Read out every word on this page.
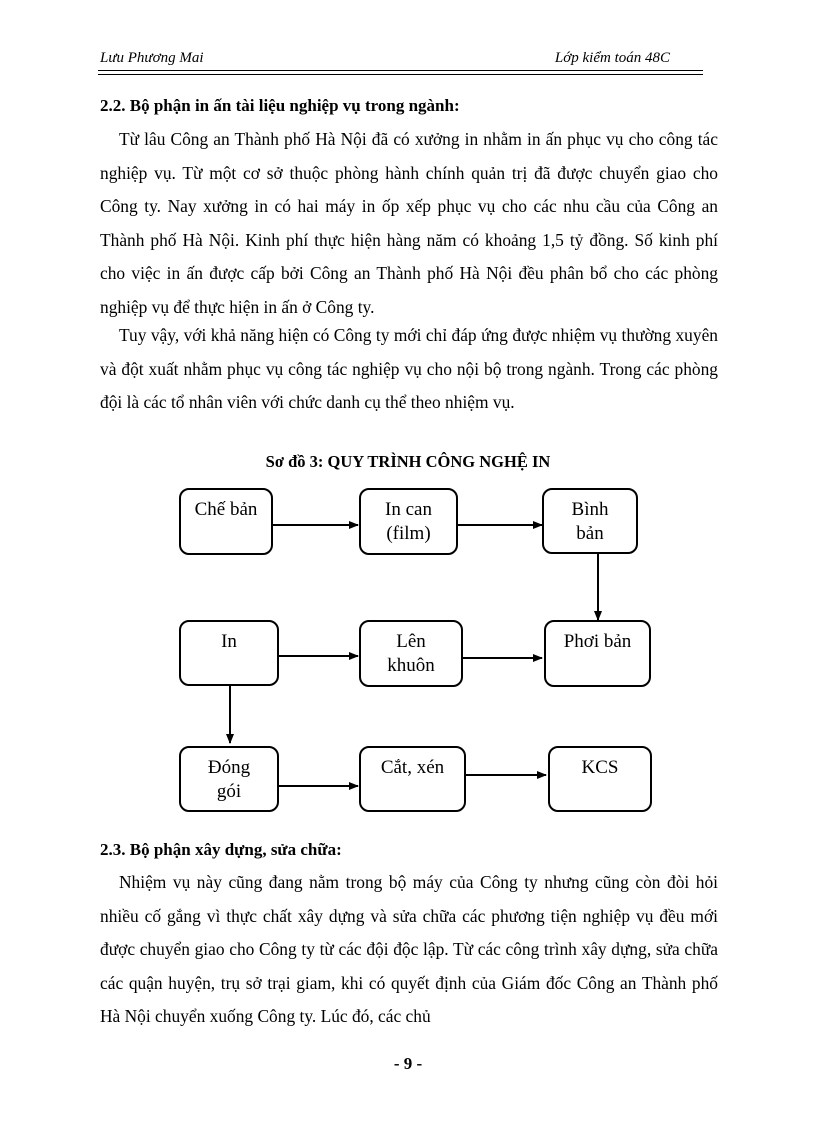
Lưu Phương Mai	Lớp kiểm toán 48C
2.2. Bộ phận in ấn tài liệu nghiệp vụ trong ngành:

Từ lâu Công an Thành phố Hà Nội đã có xưởng in nhằm in ấn phục vụ cho công tác nghiệp vụ. Từ một cơ sở thuộc phòng hành chính quản trị đã được chuyển giao cho Công ty. Nay xưởng in có hai máy in ốp xếp phục vụ cho các nhu cầu của Công an Thành phố Hà Nội. Kinh phí thực hiện hàng năm có khoảng 1,5 tỷ đồng. Số kinh phí cho việc in ấn được cấp bởi Công an Thành phố Hà Nội đều phân bổ cho các phòng nghiệp vụ để thực hiện in ấn ở Công ty.

Tuy vậy, với khả năng hiện có Công ty mới chỉ đáp ứng được nhiệm vụ thường xuyên và đột xuất nhằm phục vụ công tác nghiệp vụ cho nội bộ trong ngành. Trong các phòng đội là các tổ nhân viên với chức danh cụ thể theo nhiệm vụ.

Sơ đồ 3: QUY TRÌNH CÔNG NGHỆ IN
Chế bản	In can
(film)
Bình
bản
In	Lên
khuôn
Phơi bản
Đóng
gói
Cắt, xén	KCS
2.3. Bộ phận xây dựng, sửa chữa:

Nhiệm vụ này cũng đang nằm trong bộ máy của Công ty nhưng cũng còn đòi hỏi nhiều cố gắng vì thực chất xây dựng và sửa chữa các phương tiện nghiệp vụ đều mới được chuyển giao cho Công ty từ các đội độc lập. Từ các công trình xây dựng, sửa chữa các quận huyện, trụ sở trại giam, khi có quyết định của Giám đốc Công an Thành phố Hà Nội chuyển xuống Công ty. Lúc đó, các chủ

- 9 -
